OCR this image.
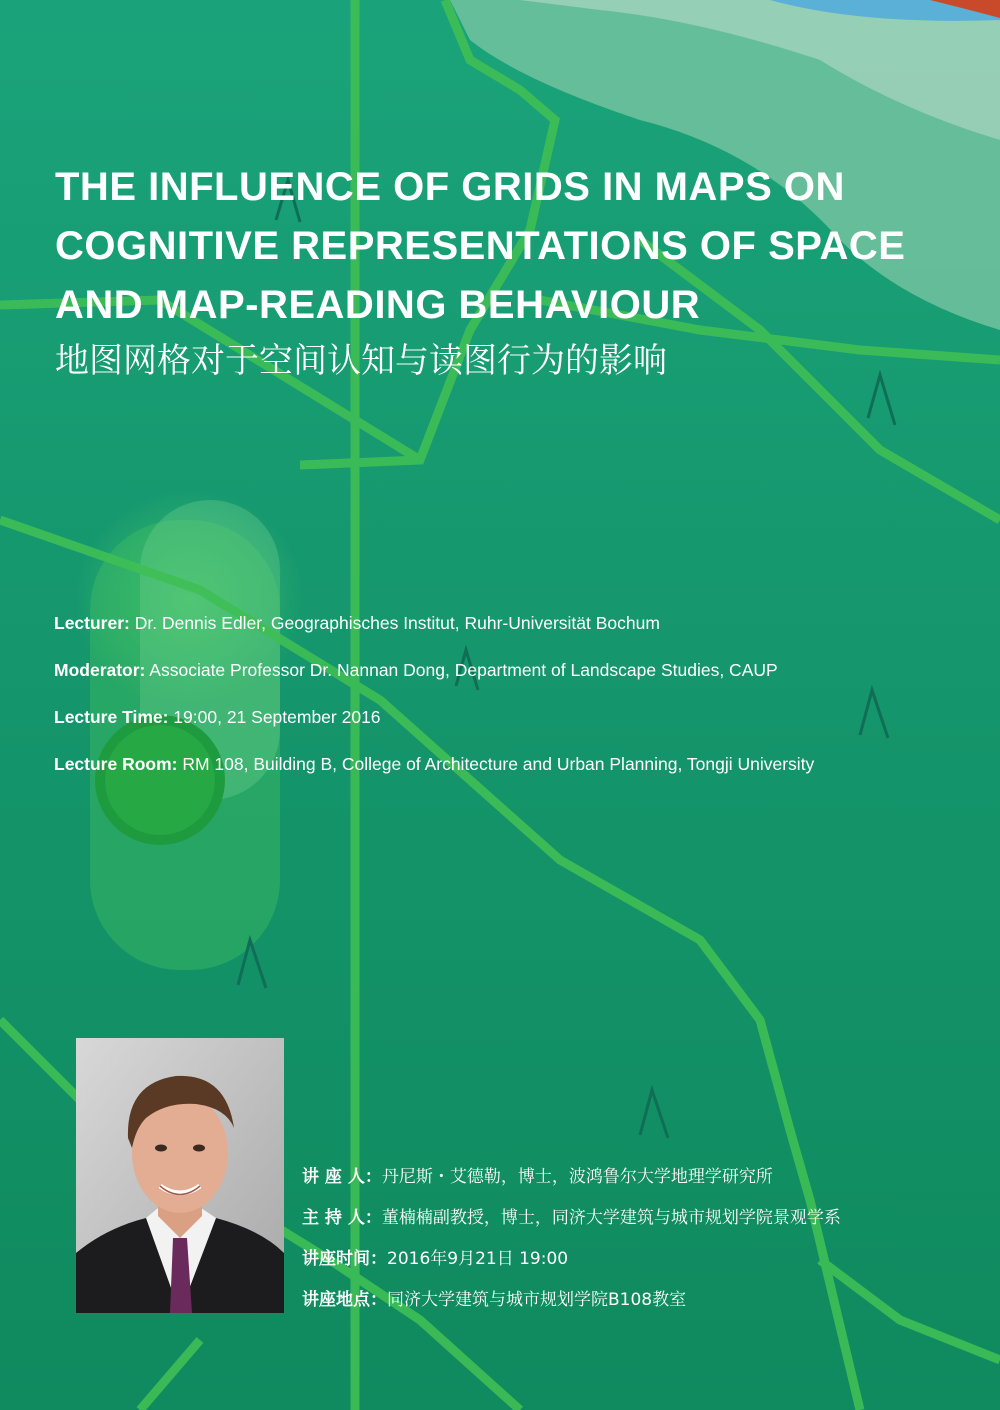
THE INFLUENCE OF GRIDS IN MAPS ON
COGNITIVE REPRESENTATIONS OF SPACE
AND MAP-READING BEHAVIOUR
地图网格对于空间认知与读图行为的影响
Lecturer: Dr. Dennis Edler, Geographisches Institut, Ruhr-Universität Bochum
Moderator: Associate Professor Dr. Nannan Dong, Department of Landscape Studies, CAUP
Lecture Time: 19:00, 21 September 2016
Lecture Room: RM 108, Building B, College of Architecture and Urban Planning, Tongji University
讲 座 人：丹尼斯・艾德勒，博士，波鸿鲁尔大学地理学研究所
主 持 人：董楠楠副教授，博士，同济大学建筑与城市规划学院景观学系
讲座时间：2016年9月21日 19:00
讲座地点：同济大学建筑与城市规划学院B108教室
